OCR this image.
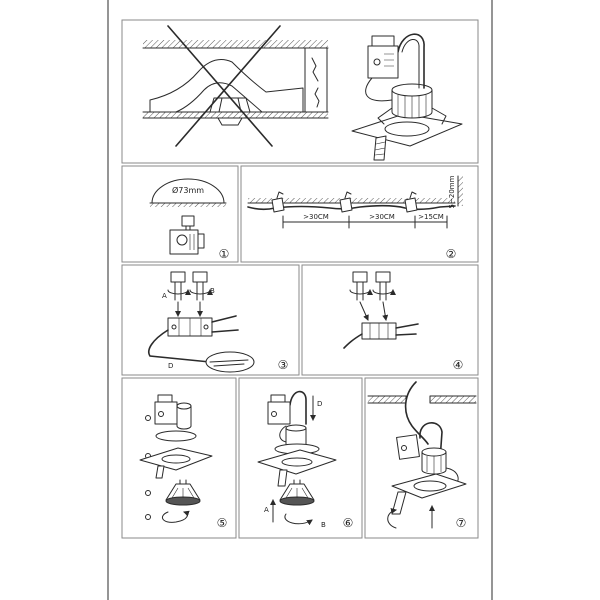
Ø73mm
①
>30CM	>30CM	>15CM
5~20mm
②
A
B
D	③	④
⑤
D
A
B ⑥	⑦
